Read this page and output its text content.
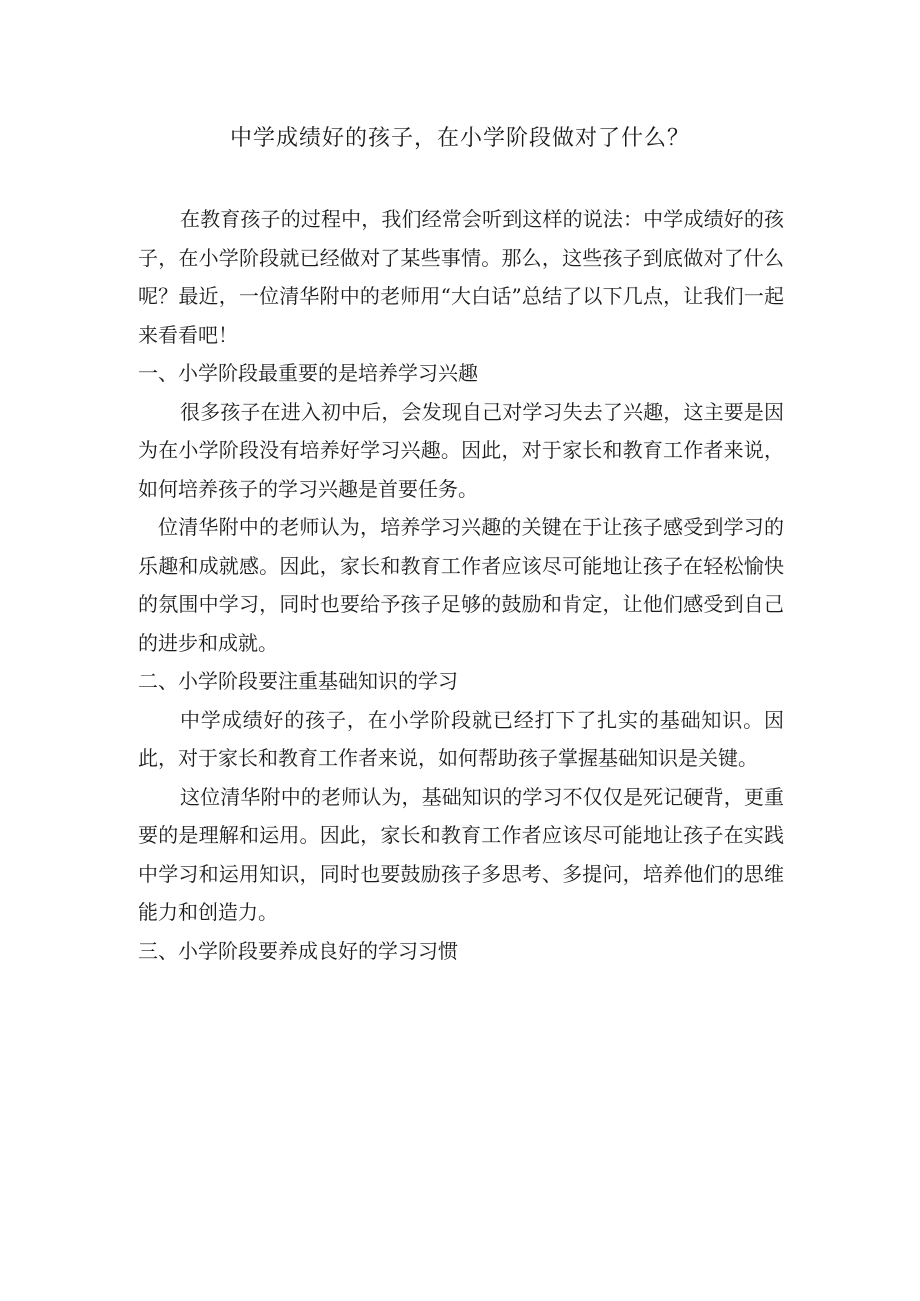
中学成绩好的孩子，在小学阶段做对了什么？

在教育孩子的过程中，我们经常会听到这样的说法：中学成绩好的孩子，在小学阶段就已经做对了某些事情。那么，这些孩子到底做对了什么呢？最近，一位清华附中的老师用“大白话”总结了以下几点，让我们一起来看看吧！

一、小学阶段最重要的是培养学习兴趣

很多孩子在进入初中后，会发现自己对学习失去了兴趣，这主要是因为在小学阶段没有培养好学习兴趣。因此，对于家长和教育工作者来说，如何培养孩子的学习兴趣是首要任务。

位清华附中的老师认为，培养学习兴趣的关键在于让孩子感受到学习的乐趣和成就感。因此，家长和教育工作者应该尽可能地让孩子在轻松愉快的氛围中学习，同时也要给予孩子足够的鼓励和肯定，让他们感受到自己的进步和成就。

二、小学阶段要注重基础知识的学习

中学成绩好的孩子，在小学阶段就已经打下了扎实的基础知识。因此，对于家长和教育工作者来说，如何帮助孩子掌握基础知识是关键。

这位清华附中的老师认为，基础知识的学习不仅仅是死记硬背，更重要的是理解和运用。因此，家长和教育工作者应该尽可能地让孩子在实践中学习和运用知识，同时也要鼓励孩子多思考、多提问，培养他们的思维能力和创造力。

三、小学阶段要养成良好的学习习惯
